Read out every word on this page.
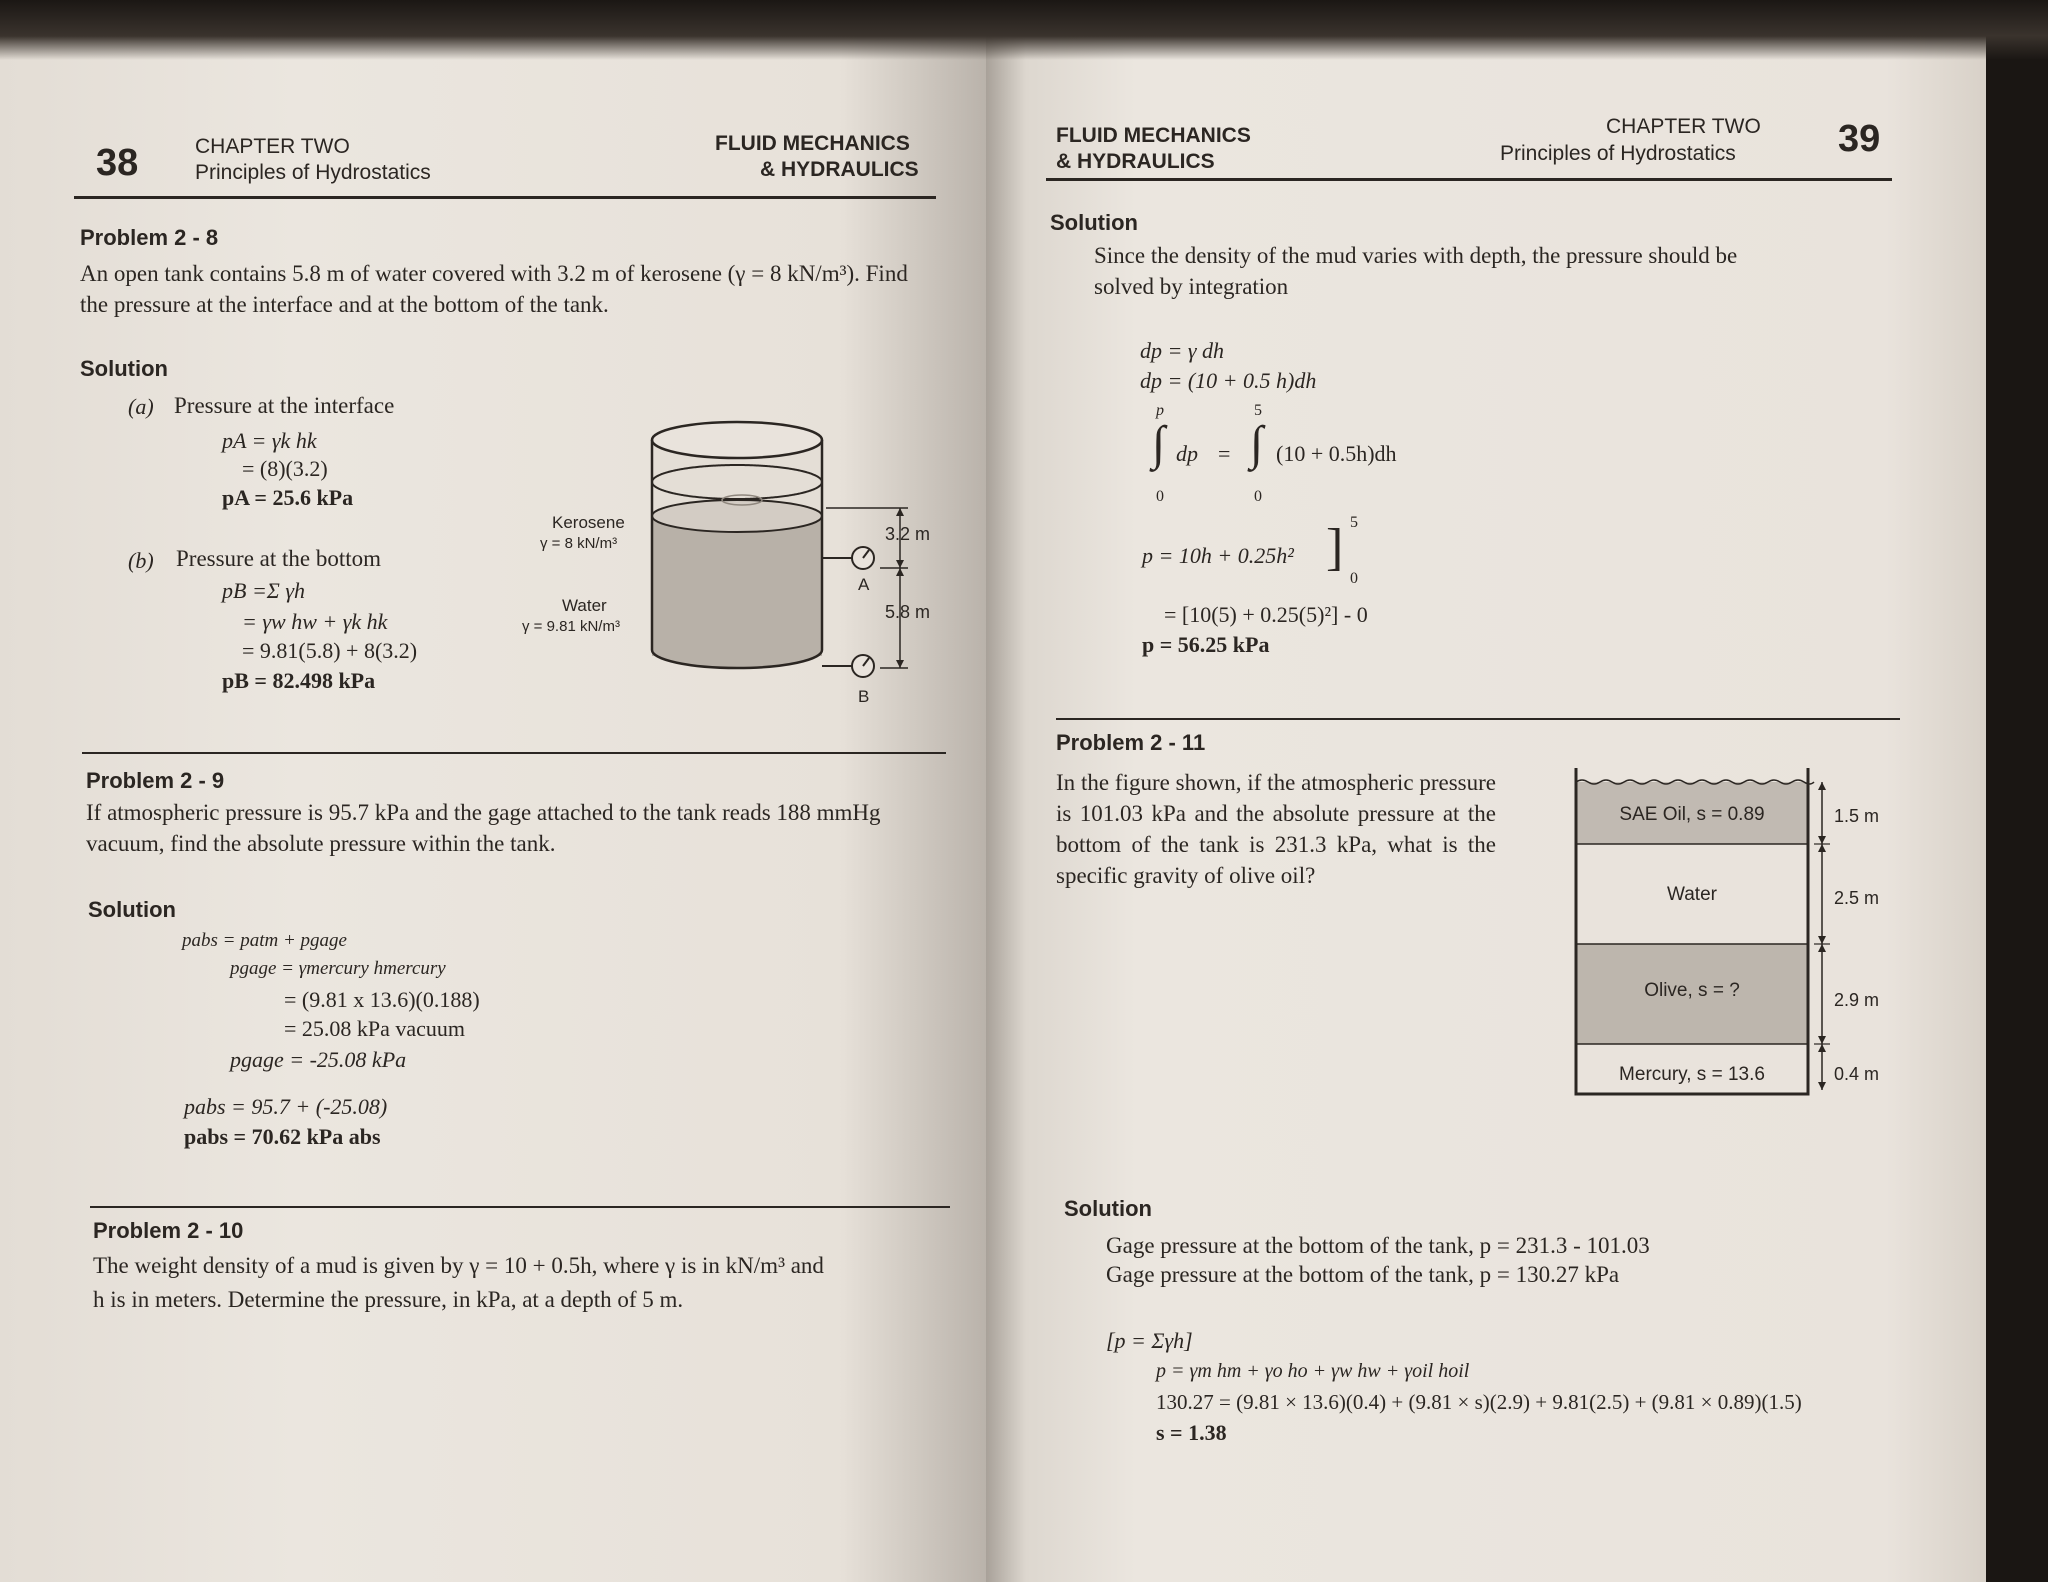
38	CHAPTER TWO
Principles of Hydrostatics
FLUID MECHANICS
& HYDRAULICS
Problem 2 - 8
An open tank contains 5.8 m of water covered with 3.2 m of kerosene (γ = 8 kN/m³). Find the pressure at the interface and at the bottom of the tank.
Solution
(a) Pressure at the interface
pA = γk hk
= (8)(3.2)
pA = 25.6 kPa
(b) Pressure at the bottom
pB =Σ γh
= γw hw + γk hk
= 9.81(5.8) + 8(3.2)
pB = 82.498 kPa
Kerosene
γ = 8 kN/m³
Water
γ = 9.81 kN/m³
3.2 m
5.8 m
A
B
Problem 2 - 9
If atmospheric pressure is 95.7 kPa and the gage attached to the tank reads 188 mmHg vacuum, find the absolute pressure within the tank.
Solution
pabs = patm + pgage
pgage = γmercury hmercury
= (9.81 x 13.6)(0.188)
= 25.08 kPa vacuum
pgage = -25.08 kPa
pabs = 95.7 + (-25.08)
pabs = 70.62 kPa abs
Problem 2 - 10
The weight density of a mud is given by γ = 10 + 0.5h, where γ is in kN/m³ and
h is in meters. Determine the pressure, in kPa, at a depth of 5 m.
FLUID MECHANICS
& HYDRAULICS
CHAPTER TWO
Principles of Hydrostatics	39
Solution
Since the density of the mud varies with depth, the pressure should be solved by integration
dp = γ dh
dp = (10 + 0.5 h)dh
p	5
∫ ∫
dp = (10 + 0.5h)dh
0	0
p = 10h + 0.25h² ] 5
0
= [10(5) + 0.25(5)²] - 0
p = 56.25 kPa
Problem 2 - 11
In the figure shown, if the atmospheric pressure is 101.03 kPa and the absolute pressure at the bottom of the tank is 231.3 kPa, what is the specific gravity of olive oil?
SAE Oil, s = 0.89
Water
Olive, s = ?
Mercury, s = 13.6
1.5 m
2.5 m
2.9 m
0.4 m
Solution
Gage pressure at the bottom of the tank, p = 231.3 - 101.03
Gage pressure at the bottom of the tank, p = 130.27 kPa
[p = Σγh]
p = γm hm + γo ho + γw hw + γoil hoil
130.27 = (9.81 × 13.6)(0.4) + (9.81 × s)(2.9) + 9.81(2.5) + (9.81 × 0.89)(1.5)
s = 1.38
